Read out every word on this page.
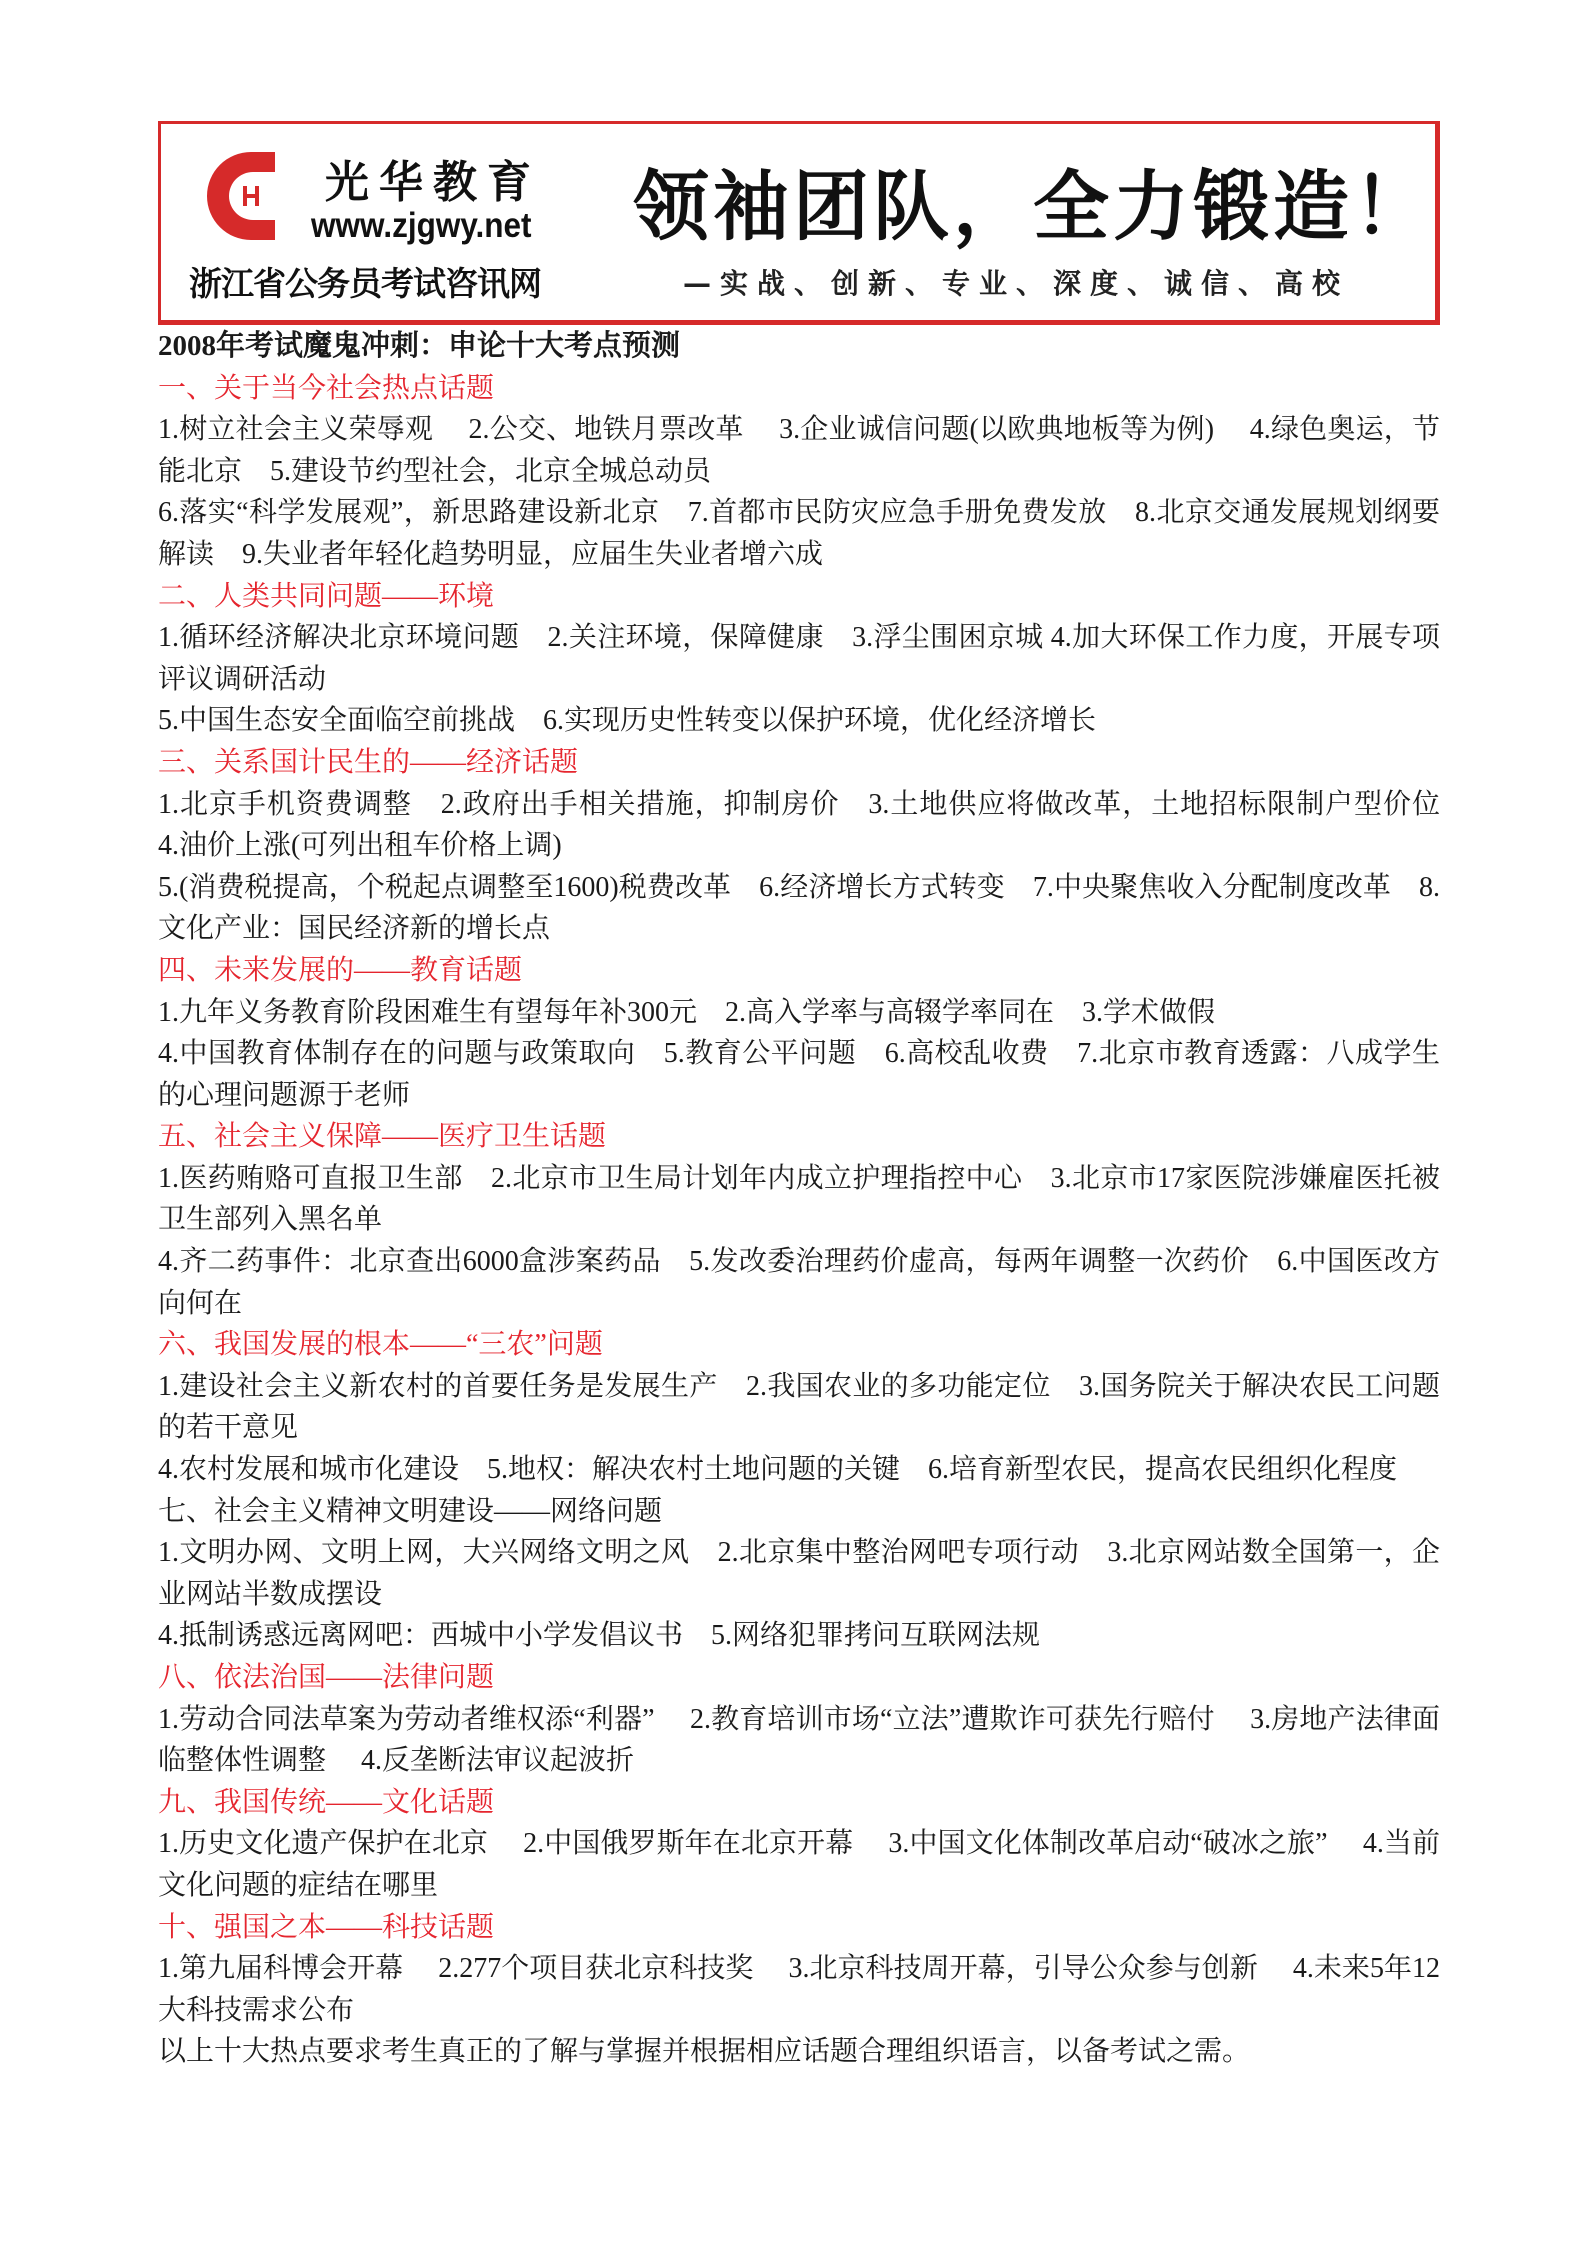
光华教育
www.zjgwy.net
浙江省公务员考试咨讯网
领袖团队，全力锻造！
—实战、创新、专业、深度、诚信、高校

2008年考试魔鬼冲刺：申论十大考点预测

一、关于当今社会热点话题

1.树立社会主义荣辱观　 2.公交、地铁月票改革　 3.企业诚信问题(以欧典地板等为例)　 4.绿色奥运，节能北京　5.建设节约型社会，北京全城总动员

6.落实“科学发展观”，新思路建设新北京　7.首都市民防灾应急手册免费发放　8.北京交通发展规划纲要解读　9.失业者年轻化趋势明显，应届生失业者增六成

二、人类共同问题——环境

1.循环经济解决北京环境问题　2.关注环境，保障健康　3.浮尘围困京城 4.加大环保工作力度，开展专项评议调研活动

5.中国生态安全面临空前挑战　6.实现历史性转变以保护环境，优化经济增长

三、关系国计民生的——经济话题

1.北京手机资费调整　2.政府出手相关措施，抑制房价　3.土地供应将做改革，土地招标限制户型价位　4.油价上涨(可列出租车价格上调)

5.(消费税提高，个税起点调整至1600)税费改革　6.经济增长方式转变　7.中央聚焦收入分配制度改革　8.文化产业：国民经济新的增长点

四、未来发展的——教育话题

1.九年义务教育阶段困难生有望每年补300元　2.高入学率与高辍学率同在　3.学术做假

4.中国教育体制存在的问题与政策取向　5.教育公平问题　6.高校乱收费　7.北京市教育透露：八成学生的心理问题源于老师

五、社会主义保障——医疗卫生话题

1.医药贿赂可直报卫生部　2.北京市卫生局计划年内成立护理指控中心　3.北京市17家医院涉嫌雇医托被卫生部列入黑名单

4.齐二药事件：北京查出6000盒涉案药品　5.发改委治理药价虚高，每两年调整一次药价　6.中国医改方向何在

六、我国发展的根本——“三农”问题

1.建设社会主义新农村的首要任务是发展生产　2.我国农业的多功能定位　3.国务院关于解决农民工问题的若干意见

4.农村发展和城市化建设　5.地权：解决农村土地问题的关键　6.培育新型农民，提高农民组织化程度

七、社会主义精神文明建设——网络问题

1.文明办网、文明上网，大兴网络文明之风　2.北京集中整治网吧专项行动　3.北京网站数全国第一，企业网站半数成摆设

4.抵制诱惑远离网吧：西城中小学发倡议书　5.网络犯罪拷问互联网法规

八、依法治国——法律问题

1.劳动合同法草案为劳动者维权添“利器”　 2.教育培训市场“立法”遭欺诈可获先行赔付　 3.房地产法律面临整体性调整　 4.反垄断法审议起波折

九、我国传统——文化话题

1.历史文化遗产保护在北京　 2.中国俄罗斯年在北京开幕　 3.中国文化体制改革启动“破冰之旅”　 4.当前文化问题的症结在哪里

十、强国之本——科技话题

1.第九届科博会开幕　 2.277个项目获北京科技奖　 3.北京科技周开幕，引导公众参与创新　 4.未来5年12大科技需求公布

以上十大热点要求考生真正的了解与掌握并根据相应话题合理组织语言，以备考试之需。
